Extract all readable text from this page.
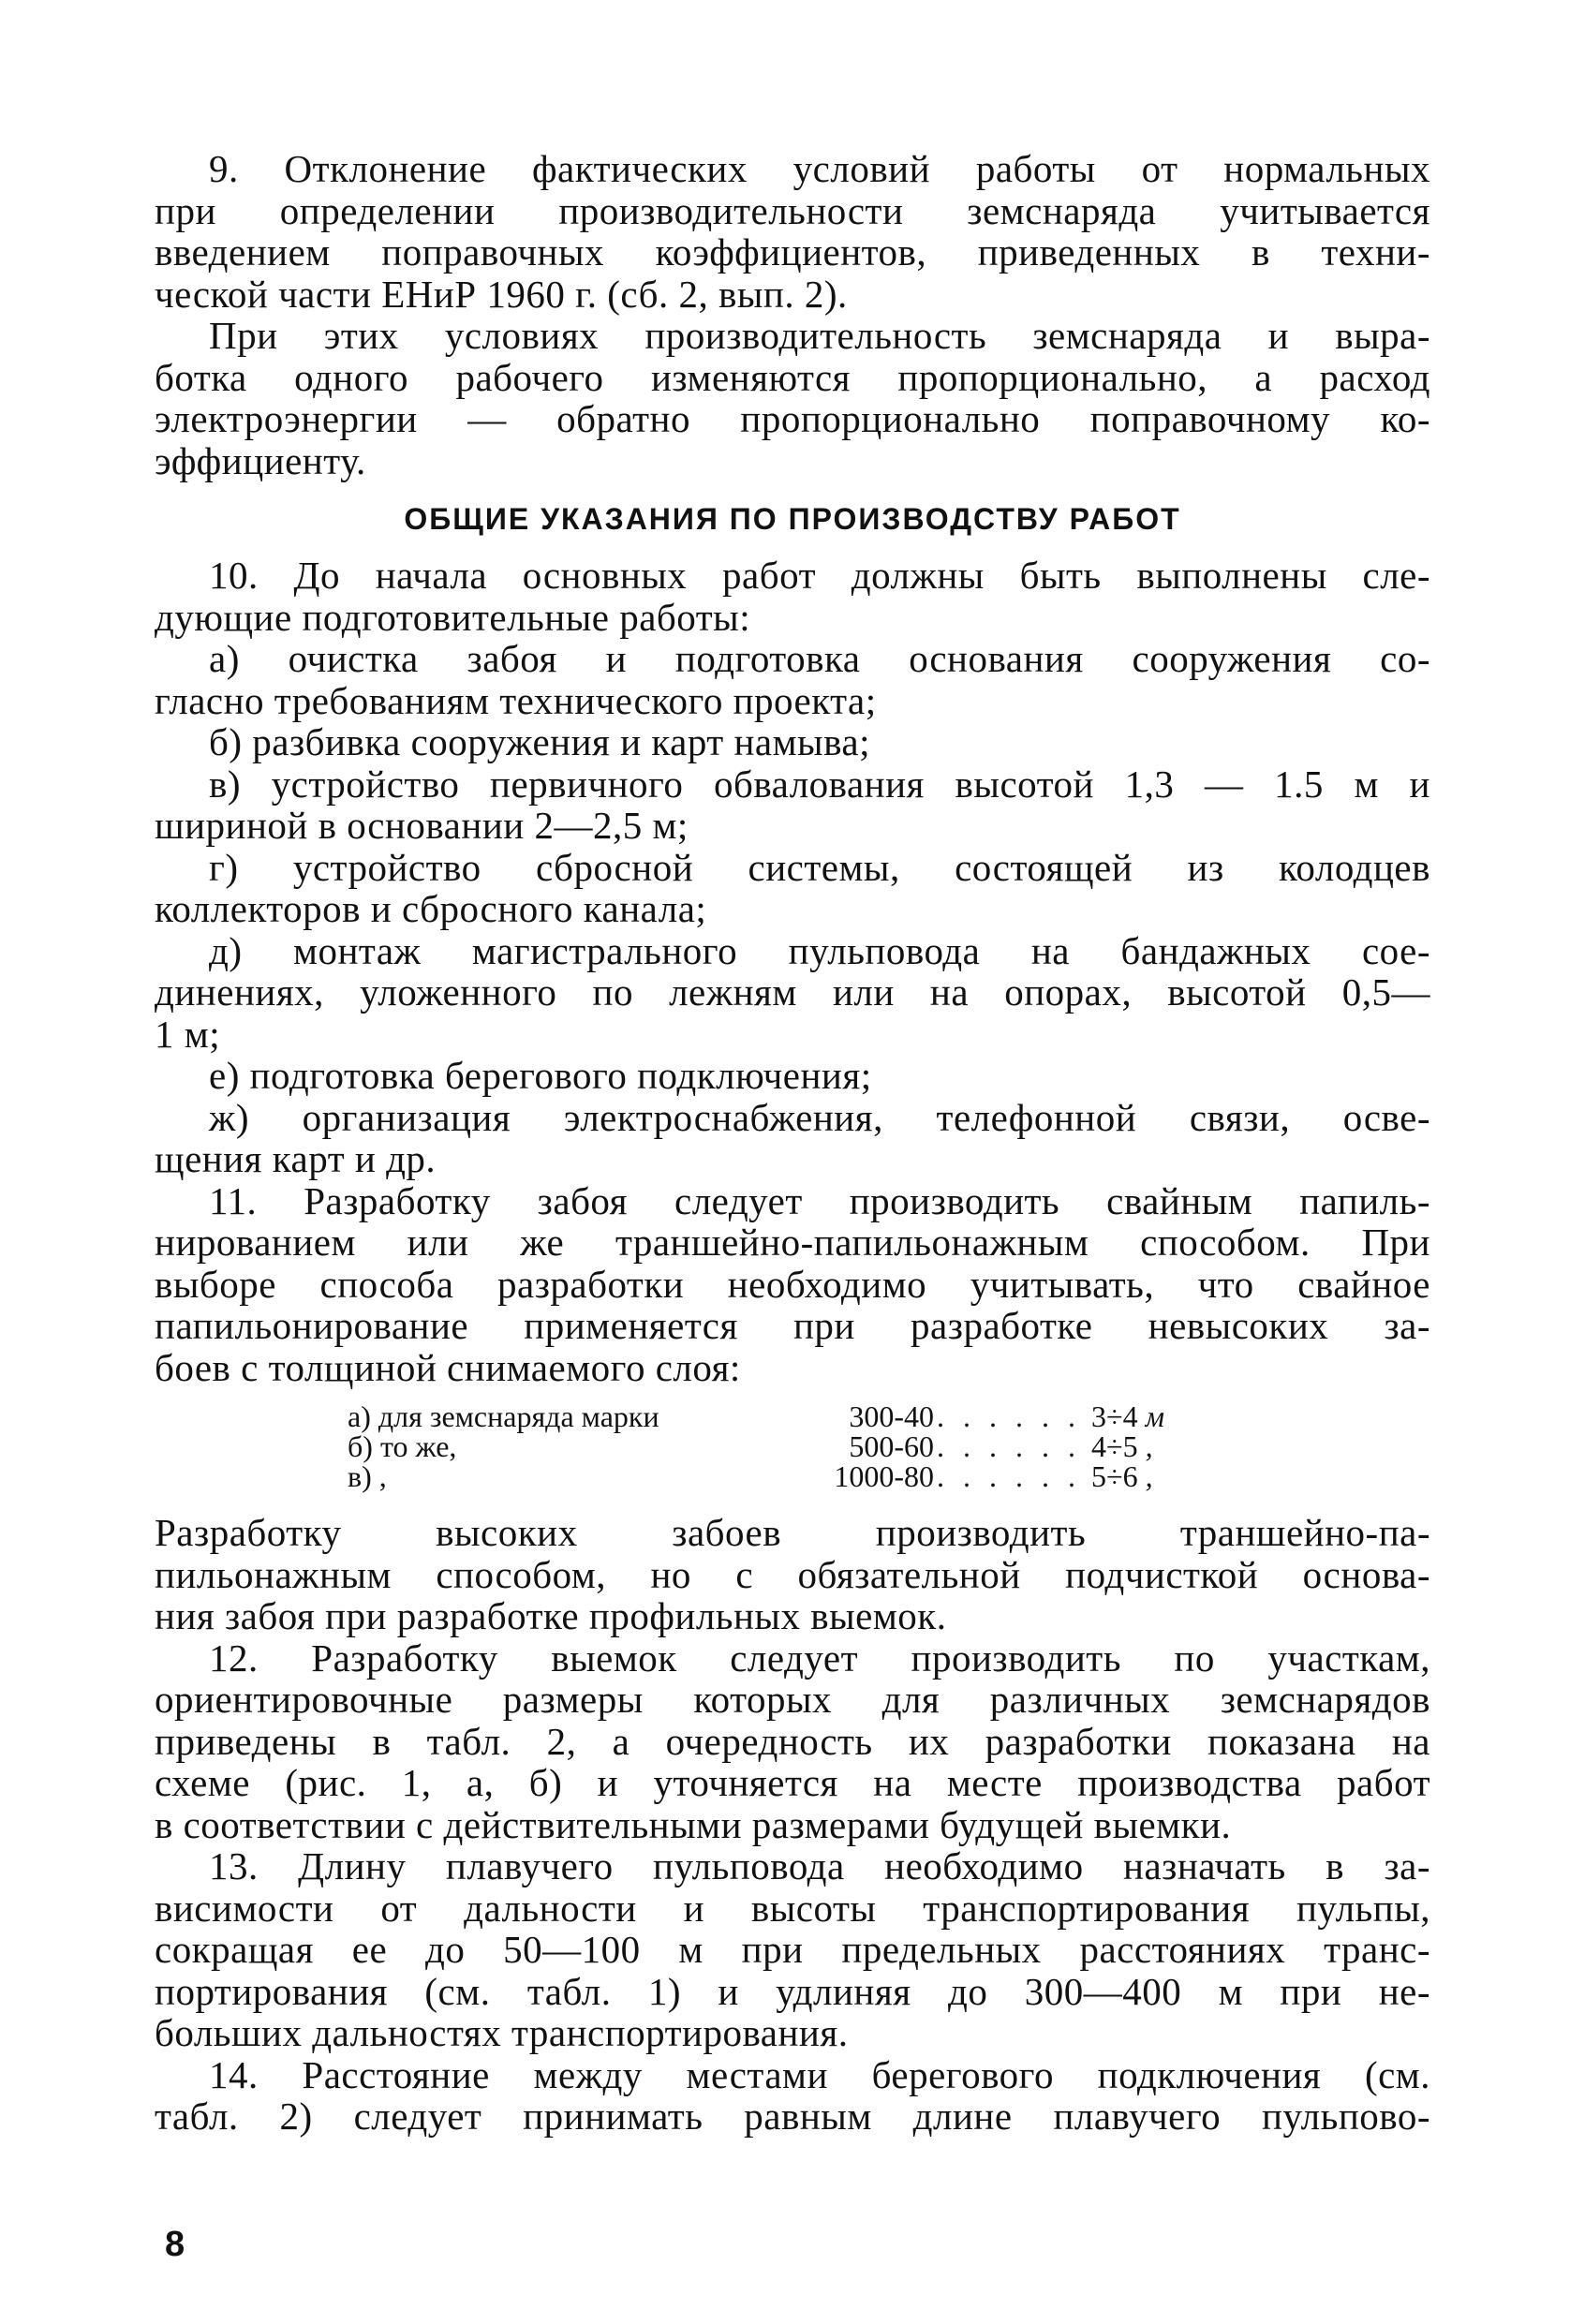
9. Отклонение фактических условий работы от нормальных
при определении производительности земснаряда учитывается
введением поправочных коэффициентов, приведенных в техни-
ческой части ЕНиР 1960 г. (сб. 2, вып. 2).
При этих условиях производительность земснаряда и выра-
ботка одного рабочего изменяются пропорционально, а расход
электроэнергии — обратно пропорционально поправочному ко-
эффициенту.
ОБЩИЕ УКАЗАНИЯ ПО ПРОИЗВОДСТВУ РАБОТ
10. До начала основных работ должны быть выполнены сле-
дующие подготовительные работы:
а) очистка забоя и подготовка основания сооружения со-
гласно требованиям технического проекта;
б) разбивка сооружения и карт намыва;
в) устройство первичного обвалования высотой 1,3 — 1.5 м и
шириной в основании 2—2,5 м;
г) устройство сбросной системы, состоящей из колодцев
коллекторов и сбросного канала;
д) монтаж магистрального пульповода на бандажных сое-
динениях, уложенного по лежням или на опорах, высотой 0,5—
1 м;
е) подготовка берегового подключения;
ж) организация электроснабжения, телефонной связи, осве-
щения карт и др.
11. Разработку забоя следует производить свайным папиль-
нированием или же траншейно-папильонажным способом. При
выборе способа разработки необходимо учитывать, что свайное
папильонирование применяется при разработке невысоких за-
боев с толщиной снимаемого слоя:
а) для земснаряда марки	300-40 . . . . . . 3÷4 м
б) то же,	500-60 . . . . . . 4÷5 ,
в) ,	1000-80 . . . . . . 5÷6 ,
Разработку высоких забоев производить траншейно-па-
пильонажным способом, но с обязательной подчисткой основа-
ния забоя при разработке профильных выемок.
12. Разработку выемок следует производить по участкам,
ориентировочные размеры которых для различных земснарядов
приведены в табл. 2, а очередность их разработки показана на
схеме (рис. 1, а, б) и уточняется на месте производства работ
в соответствии с действительными размерами будущей выемки.
13. Длину плавучего пульповода необходимо назначать в за-
висимости от дальности и высоты транспортирования пульпы,
сокращая ее до 50—100 м при предельных расстояниях транс-
портирования (см. табл. 1) и удлиняя до 300—400 м при не-
больших дальностях транспортирования.
14. Расстояние между местами берегового подключения (см.
табл. 2) следует принимать равным длине плавучего пульпово-
8
